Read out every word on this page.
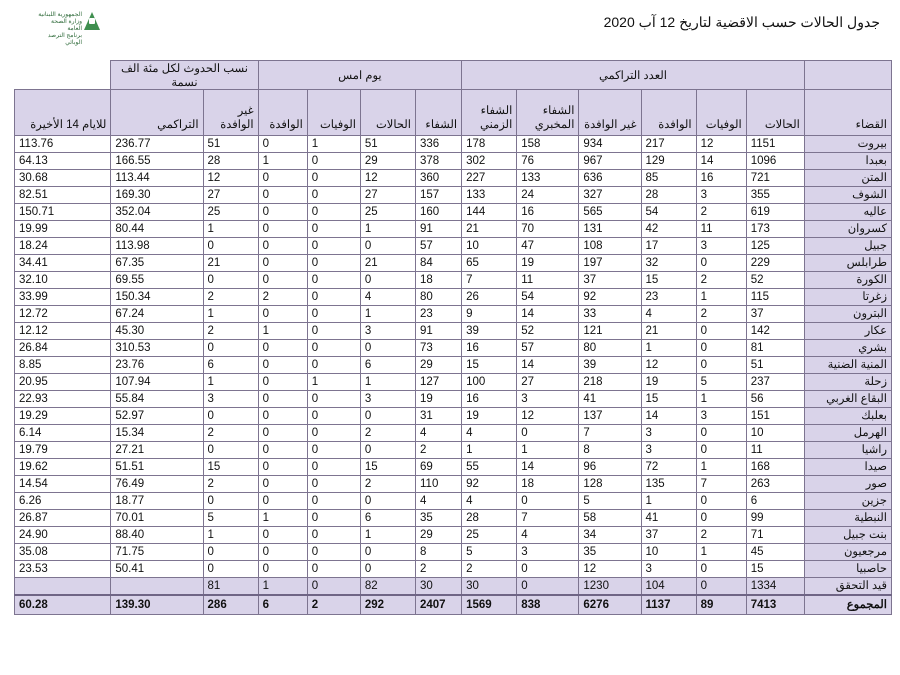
الجمهورية اللبنانية
وزارة الصحة العامة
برنامج الترصد الوبائي
جدول الحالات حسب الاقضية لتاريخ 12 آب 2020
	العدد التراكمي						يوم امس				نسب الحدوث لكل مئة الف نسمة		
القضاء	الحالات	الوفيات	الوافدة	غير الوافدة	الشفاء المخبري	الشفاء الزمني	الشفاء	الحالات	الوفيات	الوافدة	غير الوافدة	التراكمي	للايام 14 الأخيرة
بيروت	1151	12	217	934	158	178	336	51	1	0	51	236.77	113.76
بعبدا	1096	14	129	967	76	302	378	29	0	1	28	166.55	64.13
المتن	721	16	85	636	133	227	360	12	0	0	12	113.44	30.68
الشوف	355	3	28	327	24	133	157	27	0	0	27	169.30	82.51
عاليه	619	2	54	565	16	144	160	25	0	0	25	352.04	150.71
كسروان	173	11	42	131	70	21	91	1	0	0	1	80.44	19.99
جبيل	125	3	17	108	47	10	57	0	0	0	0	113.98	18.24
طرابلس	229	0	32	197	19	65	84	21	0	0	21	67.35	34.41
الكورة	52	2	15	37	11	7	18	0	0	0	0	69.55	32.10
زغرتا	115	1	23	92	54	26	80	4	0	2	2	150.34	33.99
البترون	37	2	4	33	14	9	23	1	0	0	1	67.24	12.72
عكار	142	0	21	121	52	39	91	3	0	1	2	45.30	12.12
بشري	81	0	1	80	57	16	73	0	0	0	0	310.53	26.84
المنية الضنية	51	0	12	39	14	15	29	6	0	0	6	23.76	8.85
زحلة	237	5	19	218	27	100	127	1	1	0	1	107.94	20.95
البقاع الغربي	56	1	15	41	3	16	19	3	0	0	3	55.84	22.93
بعلبك	151	3	14	137	12	19	31	0	0	0	0	52.97	19.29
الهرمل	10	0	3	7	0	4	4	2	0	0	2	15.34	6.14
راشيا	11	0	3	8	1	1	2	0	0	0	0	27.21	19.79
صيدا	168	1	72	96	14	55	69	15	0	0	15	51.51	19.62
صور	263	7	135	128	18	92	110	2	0	0	2	76.49	14.54
جزين	6	0	1	5	0	4	4	0	0	0	0	18.77	6.26
النبطية	99	0	41	58	7	28	35	6	0	1	5	70.01	26.87
بنت جبيل	71	2	37	34	4	25	29	1	0	0	1	88.40	24.90
مرجعيون	45	1	10	35	3	5	8	0	0	0	0	71.75	35.08
حاصبيا	15	0	3	12	0	2	2	0	0	0	0	50.41	23.53
قيد التحقق	1334	0	104	1230	0	30	30	82	0	1	81		
المجموع	7413	89	1137	6276	838	1569	2407	292	2	6	286	139.30	60.28
